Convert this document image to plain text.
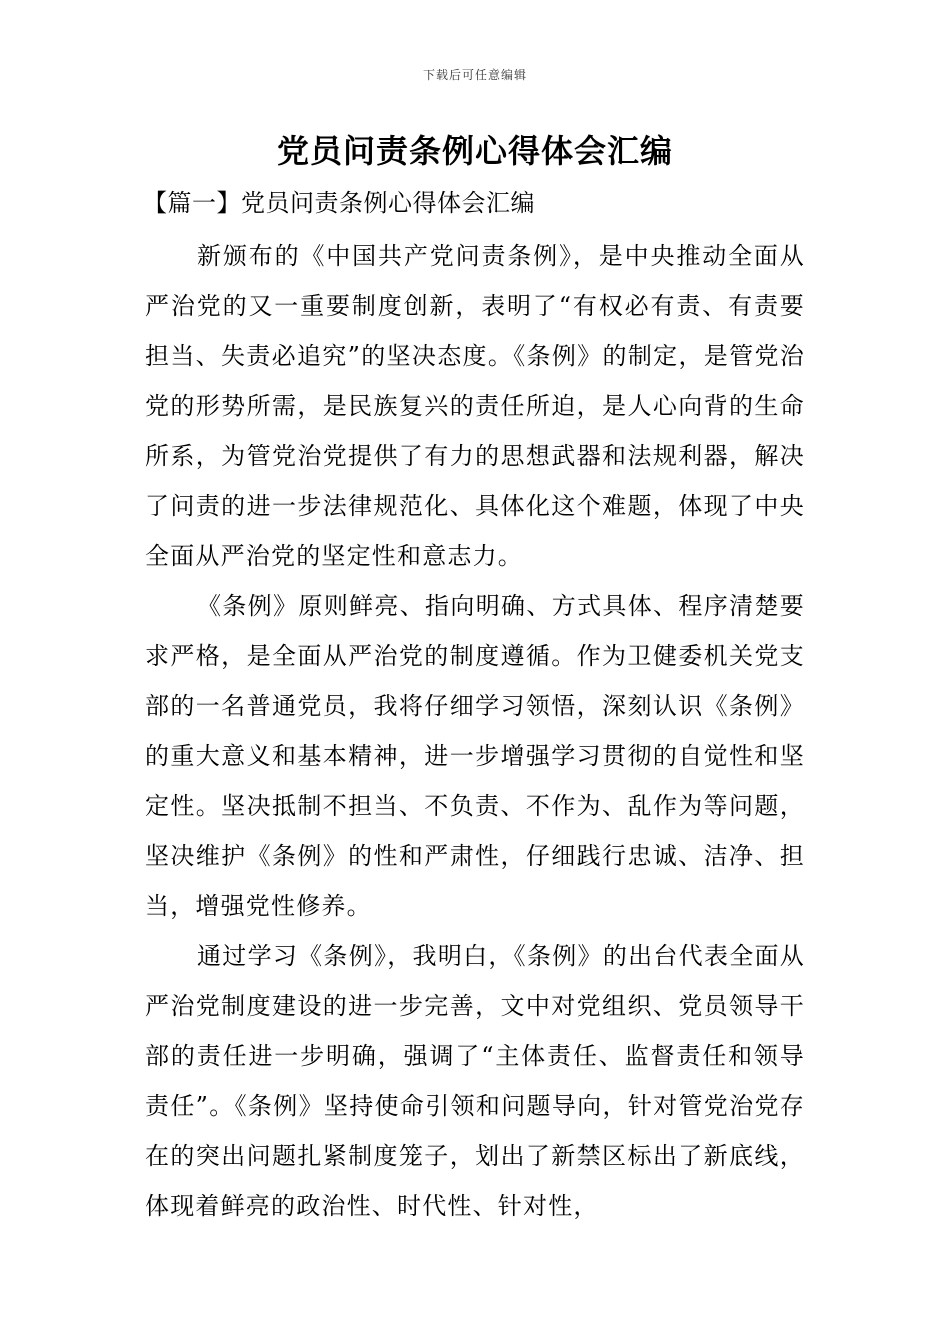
下载后可任意编辑
党员问责条例心得体会汇编
【篇一】党员问责条例心得体会汇编

新颁布的《中国共产党问责条例》，是中央推动全面从严治党的又一重要制度创新，表明了“有权必有责、有责要担当、失责必追究”的坚决态度。《条例》的制定，是管党治党的形势所需，是民族复兴的责任所迫，是人心向背的生命所系，为管党治党提供了有力的思想武器和法规利器，解决了问责的进一步法律规范化、具体化这个难题，体现了中央全面从严治党的坚定性和意志力。

《条例》原则鲜亮、指向明确、方式具体、程序清楚要求严格，是全面从严治党的制度遵循。作为卫健委机关党支部的一名普通党员，我将仔细学习领悟，深刻认识《条例》的重大意义和基本精神，进一步增强学习贯彻的自觉性和坚定性。坚决抵制不担当、不负责、不作为、乱作为等问题，坚决维护《条例》的性和严肃性，仔细践行忠诚、洁净、担当，增强党性修养。

通过学习《条例》，我明白，《条例》的出台代表全面从严治党制度建设的进一步完善，文中对党组织、党员领导干部的责任进一步明确，强调了“主体责任、监督责任和领导责任”。《条例》坚持使命引领和问题导向，针对管党治党存在的突出问题扎紧制度笼子，划出了新禁区标出了新底线，体现着鲜亮的政治性、时代性、针对性，
